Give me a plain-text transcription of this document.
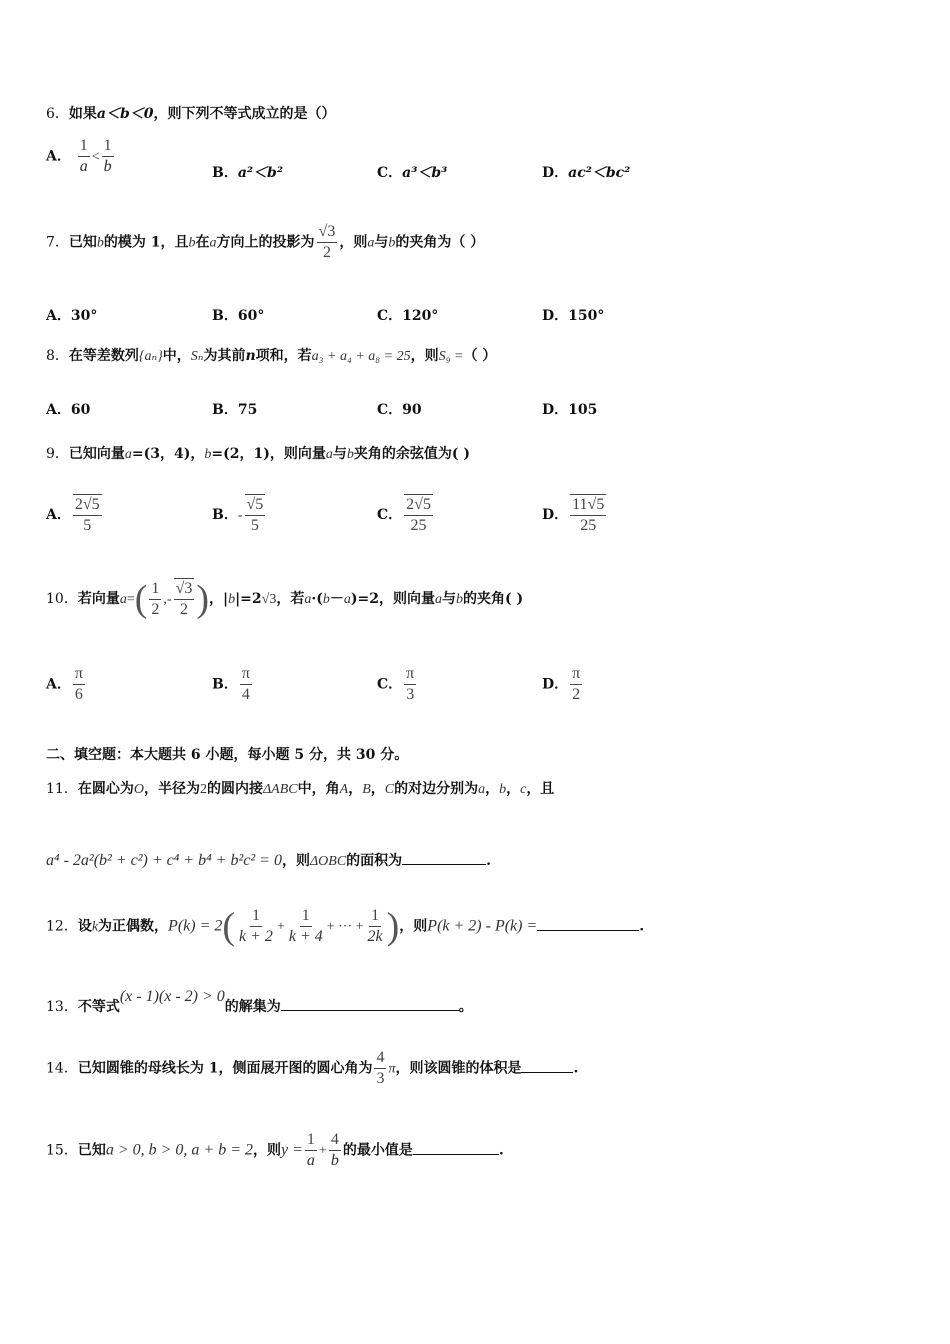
6．如果a＜b＜0，则下列不等式成立的是（）
A． $\frac{1}{a} < \frac{1}{b}$	B．a²＜b²	C．a³＜b³	D．ac²＜bc²
7．已知b的模为 1，且b在a方向上的投影为 $\frac{√3}{2}$ ，则a与b的夹角为（ ）
A．30°	B．60°	C．120°	D．150°
8．在等差数列{aₙ}中，Sₙ为其前n项和，若a₃ + a₄ + a₈ = 25，则S₉ =（ ）
A．60	B．75	C．90	D．105
9．已知向量a=(3，4)，b=(2，1)，则向量a与b夹角的余弦值为( )
A． $\frac{2√5}{5}$	B．- $\frac{√5}{5}$	C． $\frac{2√5}{25}$	D． $\frac{11√5}{25}$
10．若向量$a=( \frac{1}{2}$ ,- $\frac{√3}{2}$ )，|b|=2√3，若a·(b－a)=2，则向量a与b的夹角( )
A． $\frac{\pi}{6}$	B． $\frac{\pi}{4}$	C． $\frac{\pi}{3}$	D． $\frac{\pi}{2}$
二、填空题：本大题共 6 小题，每小题 5 分，共 30 分。
11．在圆心为O，半径为2的圆内接ΔABC中，角A，B，C的对边分别为a，b，c，且
a⁴ - 2a²(b² + c²) + c⁴ + b⁴ + b²c² = 0，则ΔOBC的面积为	.
12．设k为正偶数，$P(k) = 2( \frac{1}{k + 2} + \frac{1}{k + 4}$ + ··· + $\frac{1}{2k}$ )，则P(k + 2) - P(k) =	.
13．不等式(x - 1)(x - 2) > 0的解集为	。
14．已知圆锥的母线长为 1，侧面展开图的圆心角为 $\frac{4}{3}$ π，则该圆锥的体积是	.
15．已知a > 0, b > 0, a + b = 2，则$y = \frac{1}{a} + \frac{4}{b}$ 的最小值是	.
